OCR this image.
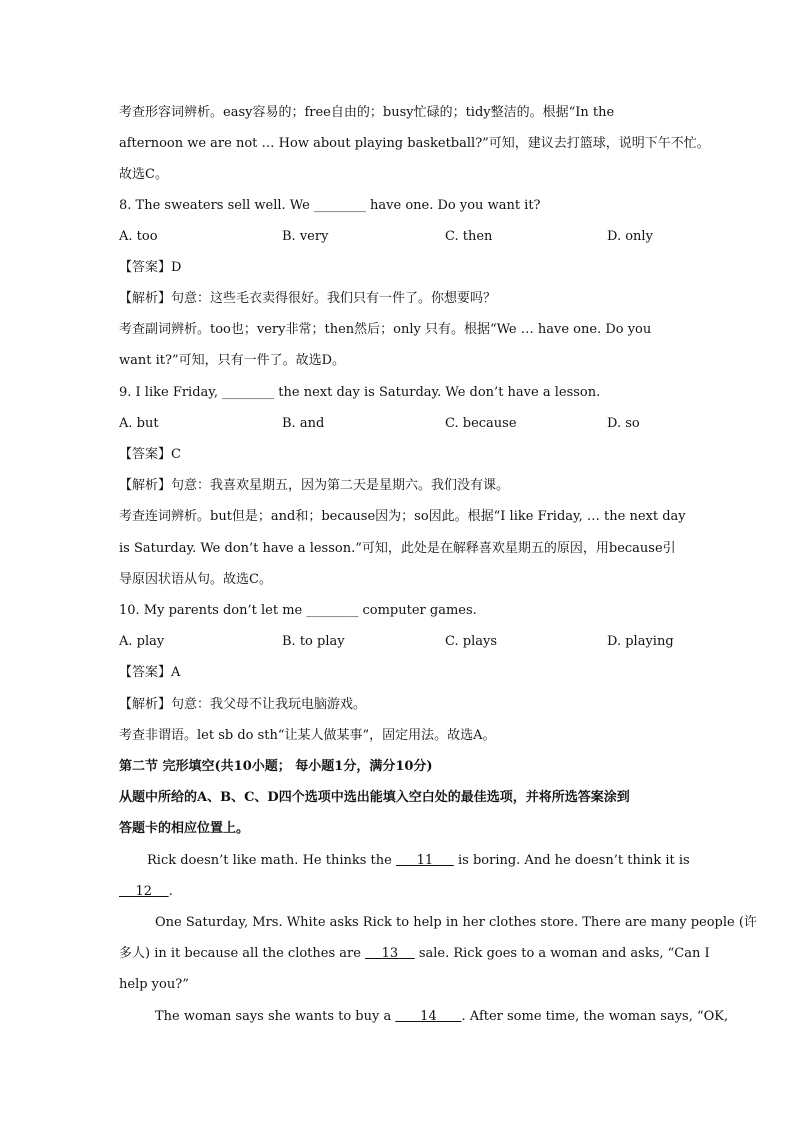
考查形容词辨析。easy容易的；free自由的；busy忙碌的；tidy整洁的。根据“In the
afternoon we are not … How about playing basketball?”可知，建议去打篮球，说明下午不忙。
故选C。
8. The sweaters sell well. We ________ have one. Do you want it?
A. too	B. very	C. then	D. only
【答案】D
【解析】句意：这些毛衣卖得很好。我们只有一件了。你想要吗？
考查副词辨析。too也；very非常；then然后；only 只有。根据“We … have one. Do you
want it?”可知，只有一件了。故选D。
9. I like Friday, ________ the next day is Saturday. We don’t have a lesson.
A. but	B. and	C. because	D. so
【答案】C
【解析】句意：我喜欢星期五，因为第二天是星期六。我们没有课。
考查连词辨析。but但是；and和；because因为；so因此。根据“I like Friday, … the next day
is Saturday. We don’t have a lesson.”可知，此处是在解释喜欢星期五的原因，用because引
导原因状语从句。故选C。
10. My parents don’t let me ________ computer games.
A. play	B. to play	C. plays	D. playing
【答案】A
【解析】句意：我父母不让我玩电脑游戏。
考查非谓语。let sb do sth“让某人做某事”，固定用法。故选A。
第二节 完形填空(共10小题； 每小题1分，满分10分)
从题中所给的A、B、C、D四个选项中选出能填入空白处的最佳选项，并将所选答案涂到
答题卡的相应位置上。
Rick doesn’t like math. He thinks the      11      is boring. And he doesn’t think it is
12 .
One Saturday, Mrs. White asks Rick to help in her clothes store. There are many people (许
多人) in it because all the clothes are     13     sale. Rick goes to a woman and asks, “Can I
help you?”
The woman says she wants to buy a       14 . After some time, the woman says, “OK,
